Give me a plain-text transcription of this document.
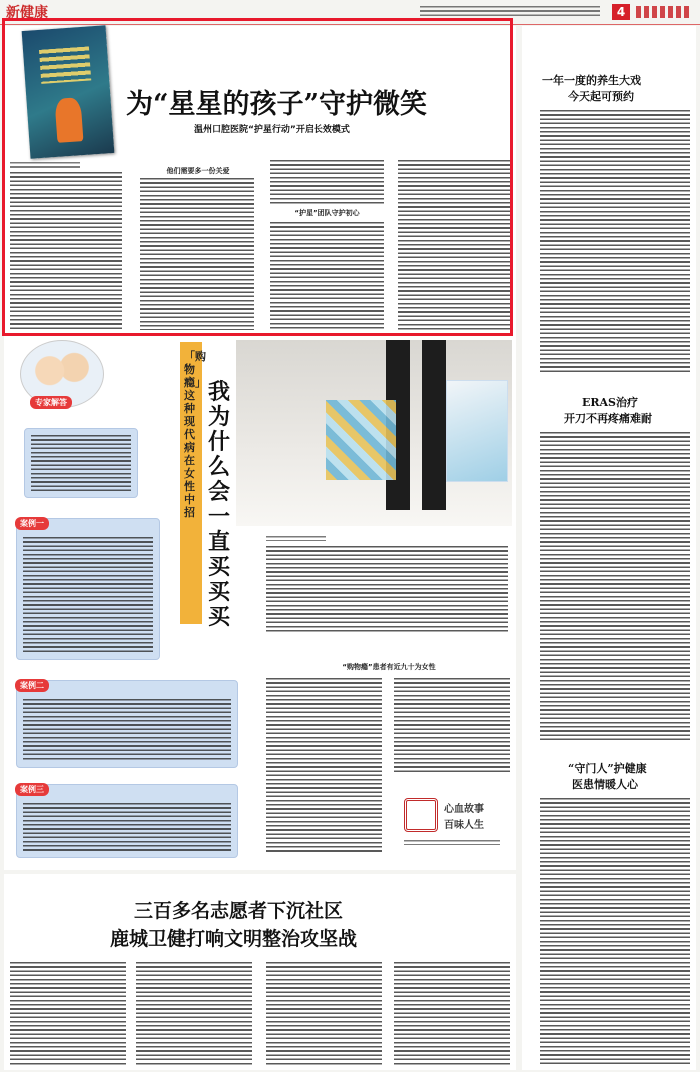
新健康	4
为“星星的孩子”守护微笑
温州口腔医院“护星行动”开启长效模式
他们需要多一份关爱
“护星”团队守护初心
专家解答
案例一
案例二
案例三
「购物瘾」这种现代病在女性中招
我为什么会一直买买买
“购物瘾”患者有近九十为女性
心血故事
百味人生
三百多名志愿者下沉社区
鹿城卫健打响文明整治攻坚战
一年一度的养生大戏
今天起可预约
ERAS治疗
开刀不再疼痛难耐
“守门人”护健康
医患情暖人心
